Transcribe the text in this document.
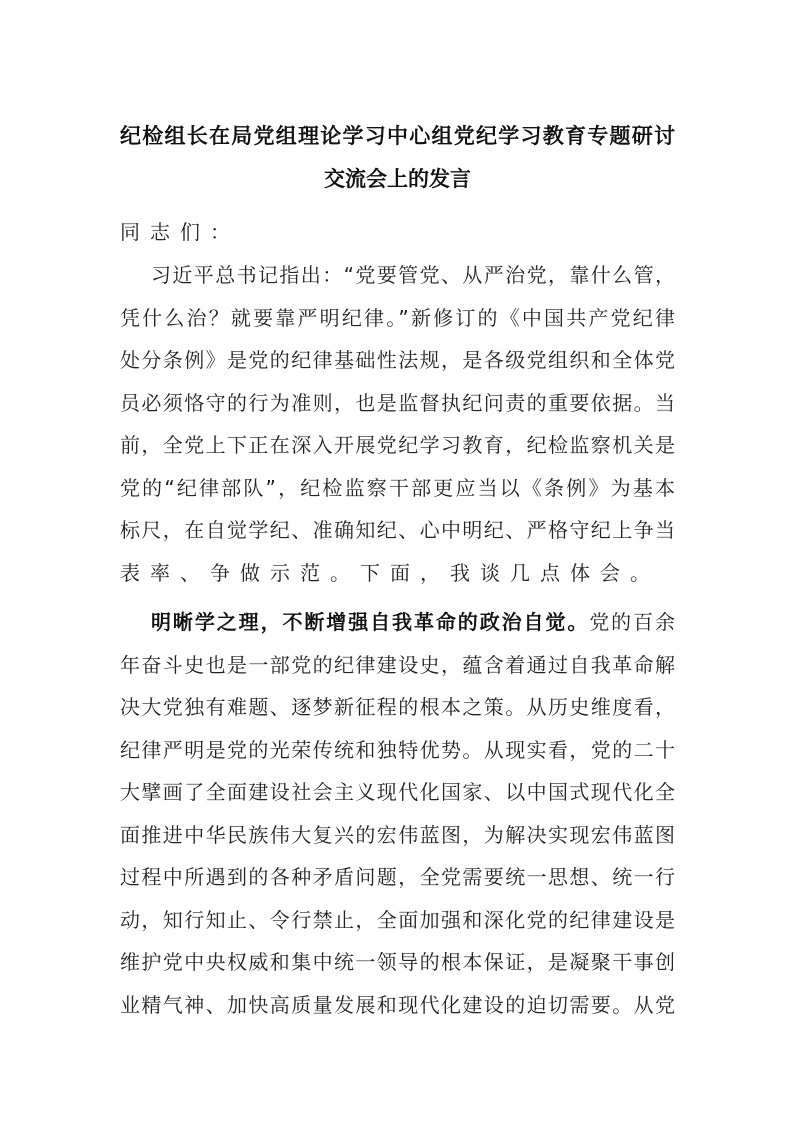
纪检组长在局党组理论学习中心组党纪学习教育专题研讨
交流会上的发言
同志们：
习近平总书记指出：“党要管党、从严治党，靠什么管，
凭什么治？就要靠严明纪律。”新修订的《中国共产党纪律
处分条例》是党的纪律基础性法规，是各级党组织和全体党
员必须恪守的行为准则，也是监督执纪问责的重要依据。当
前，全党上下正在深入开展党纪学习教育，纪检监察机关是
党的“纪律部队”，纪检监察干部更应当以《条例》为基本
标尺，在自觉学纪、准确知纪、心中明纪、严格守纪上争当
表率、争做示范。下面，我谈几点体会。
明晰学之理，不断增强自我革命的政治自觉。党的百余
年奋斗史也是一部党的纪律建设史，蕴含着通过自我革命解
决大党独有难题、逐梦新征程的根本之策。从历史维度看，
纪律严明是党的光荣传统和独特优势。从现实看，党的二十
大擘画了全面建设社会主义现代化国家、以中国式现代化全
面推进中华民族伟大复兴的宏伟蓝图，为解决实现宏伟蓝图
过程中所遇到的各种矛盾问题，全党需要统一思想、统一行
动，知行知止、令行禁止，全面加强和深化党的纪律建设是
维护党中央权威和集中统一领导的根本保证，是凝聚干事创
业精气神、加快高质量发展和现代化建设的迫切需要。从党
